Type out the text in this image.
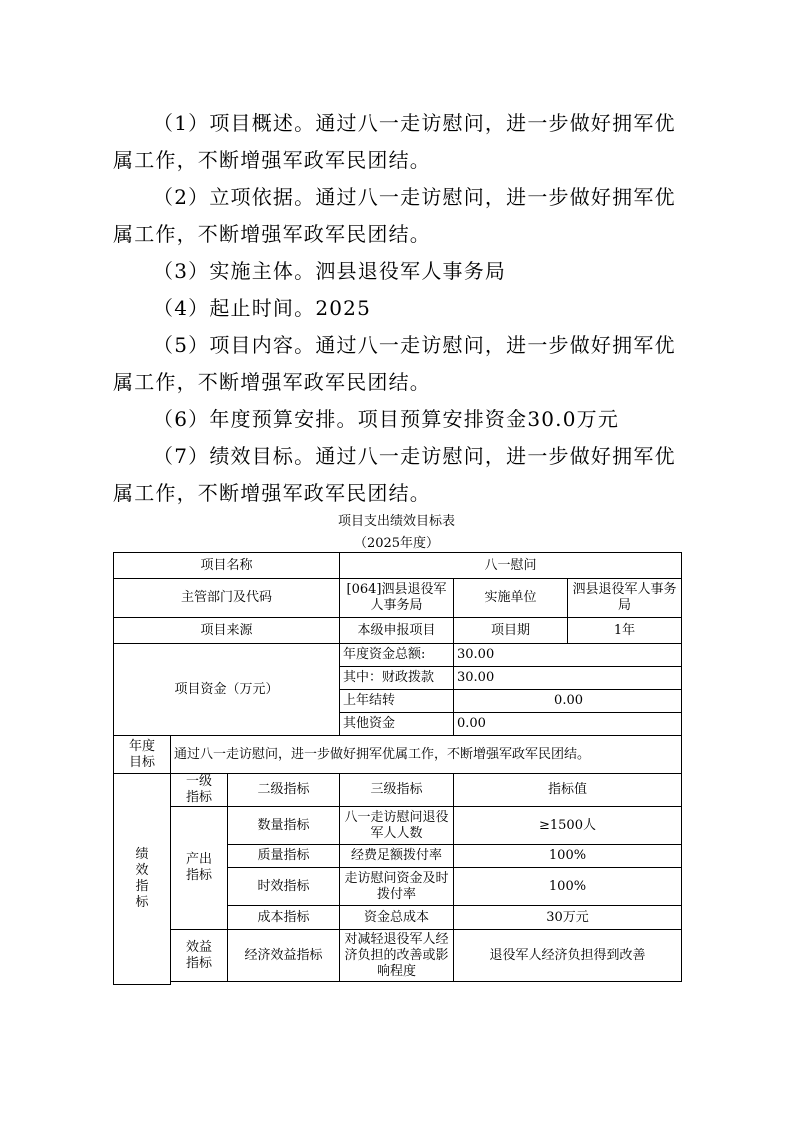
（1）项目概述。通过八一走访慰问，进一步做好拥军优属工作，不断增强军政军民团结。
（2）立项依据。通过八一走访慰问，进一步做好拥军优属工作，不断增强军政军民团结。
（3）实施主体。泗县退役军人事务局
（4）起止时间。2025
（5）项目内容。通过八一走访慰问，进一步做好拥军优属工作，不断增强军政军民团结。
（6）年度预算安排。项目预算安排资金30.0万元
（7）绩效目标。通过八一走访慰问，进一步做好拥军优属工作，不断增强军政军民团结。
项目支出绩效目标表
（2025年度）
项目名称			八一慰问		
主管部门及代码			[064]泗县退役军人事务局	实施单位	泗县退役军人事务局
项目来源			本级申报项目	项目期	1年
项目资金（万元）			年度资金总额:	30.00	
			其中：财政拨款	30.00	
			上年结转	0.00	
			其他资金	0.00	
年度目标	通过八一走访慰问，进一步做好拥军优属工作，不断增强军政军民团结。				
绩效指标	一级指标	二级指标	三级指标	指标值	
	产出指标	数量指标	八一走访慰问退役军人人数	≥1500人	
		质量指标	经费足额拨付率	100%	
		时效指标	走访慰问资金及时拨付率	100%	
		成本指标	资金总成本	30万元	
	效益指标	经济效益指标	对减轻退役军人经济负担的改善或影响程度	退役军人经济负担得到改善	
